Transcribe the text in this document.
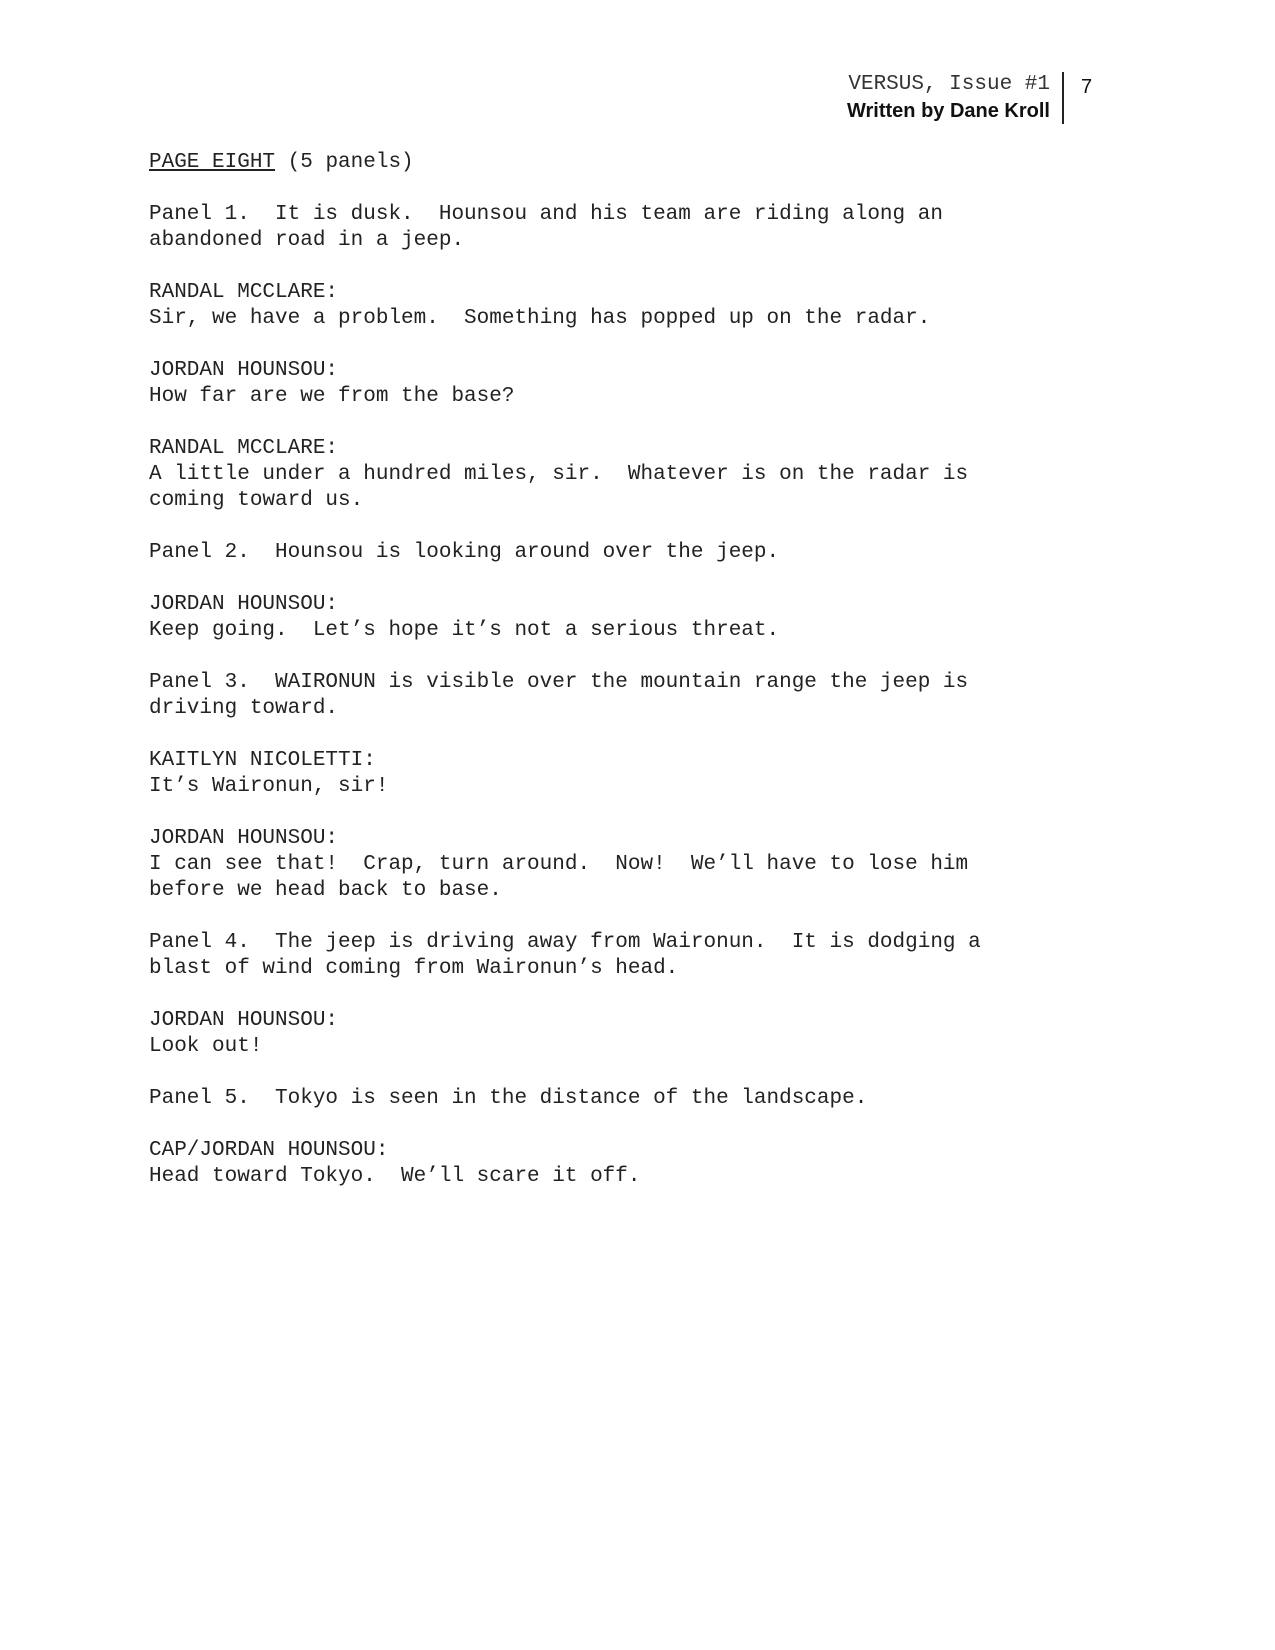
VERSUS, Issue #1
Written by Dane Kroll
7
PAGE EIGHT (5 panels)
Panel 1.  It is dusk.  Hounsou and his team are riding along an
abandoned road in a jeep.
RANDAL MCCLARE:
Sir, we have a problem.  Something has popped up on the radar.
JORDAN HOUNSOU:
How far are we from the base?
RANDAL MCCLARE:
A little under a hundred miles, sir.  Whatever is on the radar is
coming toward us.
Panel 2.  Hounsou is looking around over the jeep.
JORDAN HOUNSOU:
Keep going.  Let’s hope it’s not a serious threat.
Panel 3.  WAIRONUN is visible over the mountain range the jeep is
driving toward.
KAITLYN NICOLETTI:
It’s Waironun, sir!
JORDAN HOUNSOU:
I can see that!  Crap, turn around.  Now!  We’ll have to lose him
before we head back to base.
Panel 4.  The jeep is driving away from Waironun.  It is dodging a
blast of wind coming from Waironun’s head.
JORDAN HOUNSOU:
Look out!
Panel 5.  Tokyo is seen in the distance of the landscape.
CAP/JORDAN HOUNSOU:
Head toward Tokyo.  We’ll scare it off.
